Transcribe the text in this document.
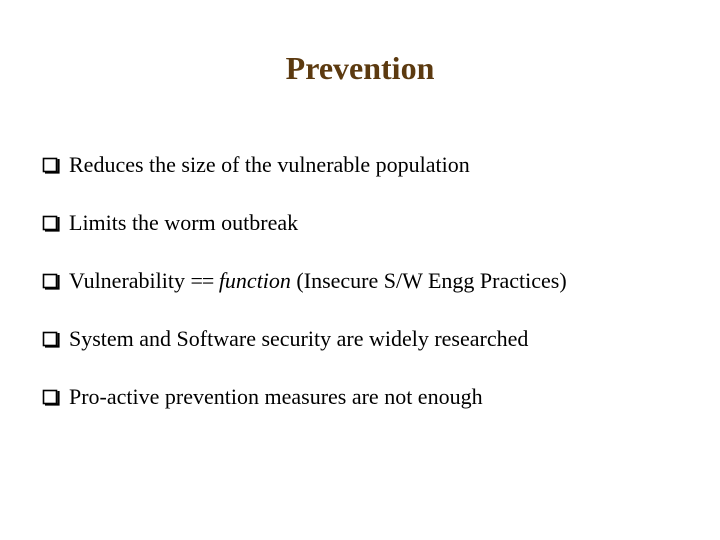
Prevention
Reduces the size of the vulnerable population
Limits the worm outbreak
Vulnerability ==
function (Insecure S/W Engg Practices)
System and Software security are widely researched
Pro-active prevention measures are not enough
